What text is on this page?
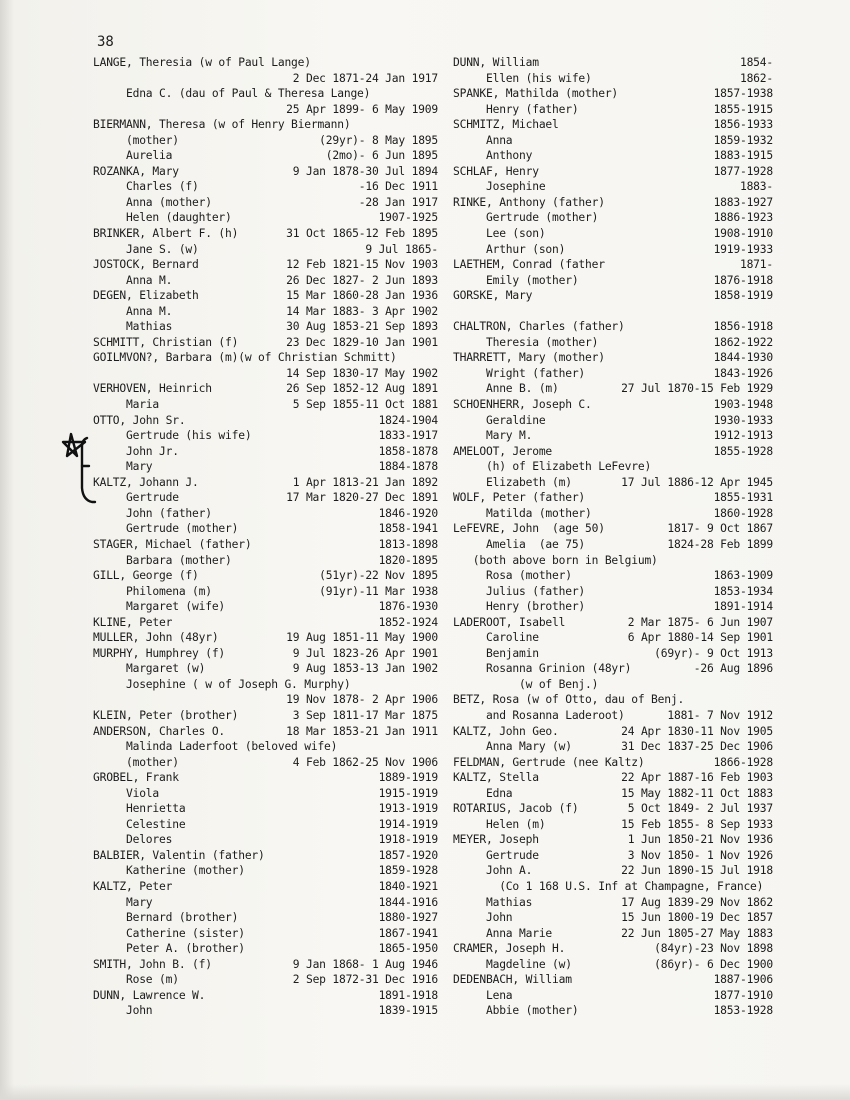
38
LANGE, Theresia (w of Paul Lange)
2 Dec 1871-24 Jan 1917
Edna C. (dau of Paul & Theresa Lange)
25 Apr 1899- 6 May 1909
BIERMANN, Theresa (w of Henry Biermann)
(mother)	(29yr)- 8 May 1895
Aurelia	(2mo)- 6 Jun 1895
ROZANKA, Mary	9 Jan 1878-30 Jul 1894
Charles (f)	-16 Dec 1911
Anna (mother)	-28 Jan 1917
Helen (daughter)	1907-1925
BRINKER, Albert F. (h)	31 Oct 1865-12 Feb 1895
Jane S. (w)	9 Jul 1865-
JOSTOCK, Bernard	12 Feb 1821-15 Nov 1903
Anna M.	26 Dec 1827- 2 Jun 1893
DEGEN, Elizabeth	15 Mar 1860-28 Jan 1936
Anna M.	14 Mar 1883- 3 Apr 1902
Mathias	30 Aug 1853-21 Sep 1893
SCHMITT, Christian (f)	23 Dec 1829-10 Jan 1901
GOILMVON?, Barbara (m)(w of Christian Schmitt)
14 Sep 1830-17 May 1902
VERHOVEN, Heinrich	26 Sep 1852-12 Aug 1891
Maria	5 Sep 1855-11 Oct 1881
OTTO, John Sr.	1824-1904
Gertrude (his wife)	1833-1917
John Jr.	1858-1878
Mary	1884-1878
KALTZ, Johann J.	1 Apr 1813-21 Jan 1892
Gertrude	17 Mar 1820-27 Dec 1891
John (father)	1846-1920
Gertrude (mother)	1858-1941
STAGER, Michael (father)	1813-1898
Barbara (mother)	1820-1895
GILL, George (f)	(51yr)-22 Nov 1895
Philomena (m)	(91yr)-11 Mar 1938
Margaret (wife)	1876-1930
KLINE, Peter	1852-1924
MULLER, John (48yr)	19 Aug 1851-11 May 1900
MURPHY, Humphrey (f)	9 Jul 1823-26 Apr 1901
Margaret (w)	9 Aug 1853-13 Jan 1902
Josephine ( w of Joseph G. Murphy)
19 Nov 1878- 2 Apr 1906
KLEIN, Peter (brother)	3 Sep 1811-17 Mar 1875
ANDERSON, Charles O.	18 Mar 1853-21 Jan 1911
Malinda Laderfoot (beloved wife)
(mother)	4 Feb 1862-25 Nov 1906
GROBEL, Frank	1889-1919
Viola	1915-1919
Henrietta	1913-1919
Celestine	1914-1919
Delores	1918-1919
BALBIER, Valentin (father)	1857-1920
Katherine (mother)	1859-1928
KALTZ, Peter	1840-1921
Mary	1844-1916
Bernard (brother)	1880-1927
Catherine (sister)	1867-1941
Peter A. (brother)	1865-1950
SMITH, John B. (f)	9 Jan 1868- 1 Aug 1946
Rose (m)	2 Sep 1872-31 Dec 1916
DUNN, Lawrence W.	1891-1918
John	1839-1915
DUNN, William	1854-
Ellen (his wife)	1862-
SPANKE, Mathilda (mother)	1857-1938
Henry (father)	1855-1915
SCHMITZ, Michael	1856-1933
Anna	1859-1932
Anthony	1883-1915
SCHLAF, Henry	1877-1928
Josephine	1883-
RINKE, Anthony (father)	1883-1927
Gertrude (mother)	1886-1923
Lee (son)	1908-1910
Arthur (son)	1919-1933
LAETHEM, Conrad (father	1871-
Emily (mother)	1876-1918
GORSKE, Mary	1858-1919
CHALTRON, Charles (father)	1856-1918
Theresia (mother)	1862-1922
THARRETT, Mary (mother)	1844-1930
Wright (father)	1843-1926
Anne B. (m)	27 Jul 1870-15 Feb 1929
SCHOENHERR, Joseph C.	1903-1948
Geraldine	1930-1933
Mary M.	1912-1913
AMELOOT, Jerome	1855-1928
(h) of Elizabeth LeFevre)
Elizabeth (m)	17 Jul 1886-12 Apr 1945
WOLF, Peter (father)	1855-1931
Matilda (mother)	1860-1928
LeFEVRE, John  (age 50)	1817- 9 Oct 1867
Amelia  (ae 75)	1824-28 Feb 1899
(both above born in Belgium)
Rosa (mother)	1863-1909
Julius (father)	1853-1934
Henry (brother)	1891-1914
LADEROOT, Isabell	2 Mar 1875- 6 Jun 1907
Caroline	6 Apr 1880-14 Sep 1901
Benjamin	(69yr)- 9 Oct 1913
Rosanna Grinion (48yr)	-26 Aug 1896
(w of Benj.)
BETZ, Rosa (w of Otto, dau of Benj.
and Rosanna Laderoot)	1881- 7 Nov 1912
KALTZ, John Geo.	24 Apr 1830-11 Nov 1905
Anna Mary (w)	31 Dec 1837-25 Dec 1906
FELDMAN, Gertrude (nee Kaltz)	1866-1928
KALTZ, Stella	22 Apr 1887-16 Feb 1903
Edna	15 May 1882-11 Oct 1883
ROTARIUS, Jacob (f)	5 Oct 1849- 2 Jul 1937
Helen (m)	15 Feb 1855- 8 Sep 1933
MEYER, Joseph	1 Jun 1850-21 Nov 1936
Gertrude	3 Nov 1850- 1 Nov 1926
John A.	22 Jun 1890-15 Jul 1918
(Co 1 168 U.S. Inf at Champagne, France)
Mathias	17 Aug 1839-29 Nov 1862
John	15 Jun 1800-19 Dec 1857
Anna Marie	22 Jun 1805-27 May 1883
CRAMER, Joseph H.	(84yr)-23 Nov 1898
Magdeline (w)	(86yr)- 6 Dec 1900
DEDENBACH, William	1887-1906
Lena	1877-1910
Abbie (mother)	1853-1928
